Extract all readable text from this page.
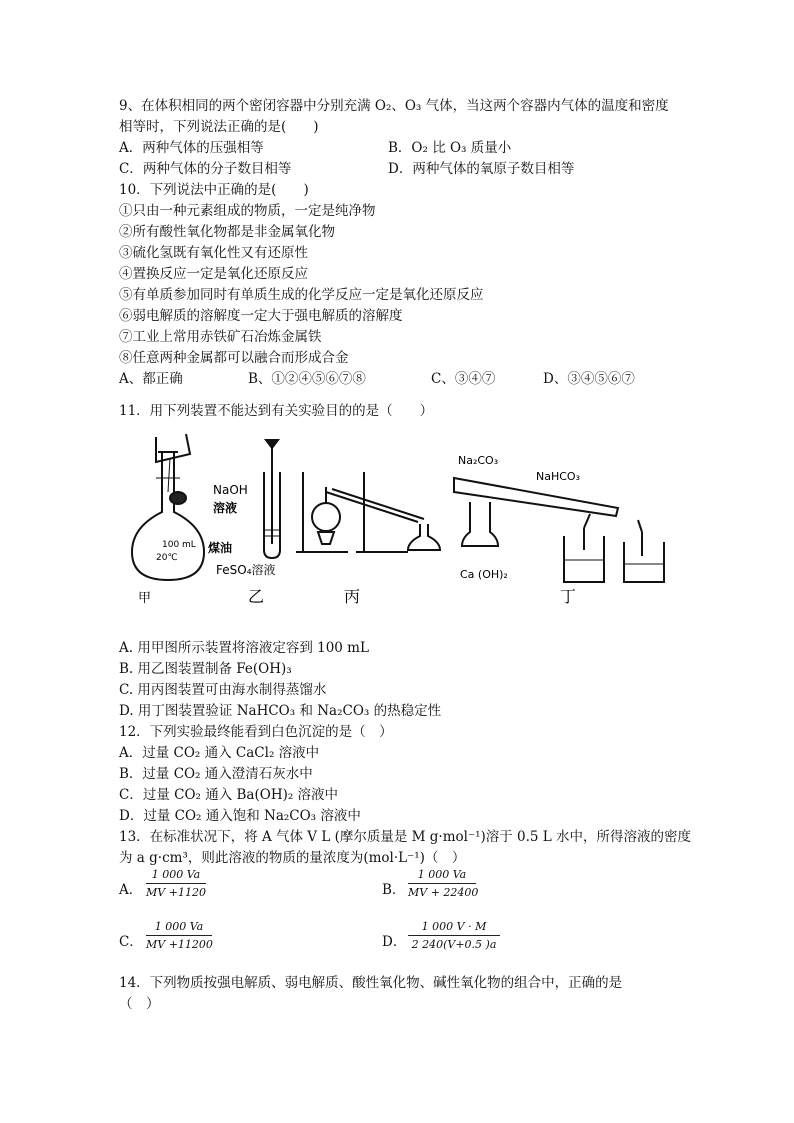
9、在体积相同的两个密闭容器中分别充满 O₂、O₃ 气体，当这两个容器内气体的温度和密度
相等时，下列说法正确的是(　　)
A．两种气体的压强相等	B．O₂ 比 O₃ 质量小
C．两种气体的分子数目相等	D．两种气体的氧原子数目相等
10．下列说法中正确的是(　　)
①只由一种元素组成的物质，一定是纯净物
②所有酸性氧化物都是非金属氧化物
③硫化氢既有氧化性又有还原性
④置换反应一定是氧化还原反应
⑤有单质参加同时有单质生成的化学反应一定是氧化还原反应
⑥弱电解质的溶解度一定大于强电解质的溶解度
⑦工业上常用赤铁矿石冶炼金属铁
⑧任意两种金属都可以融合而形成合金
A、都正确	B、①②④⑤⑥⑦⑧	C、③④⑦	D、③④⑤⑥⑦
11．用下列装置不能达到有关实验目的的是（　　）
100 mL
20℃
NaOH
溶液
煤油
FeSO₄溶液
Na₂CO₃
NaHCO₃
Ca (OH)₂
甲	乙	丙	丁
A. 用甲图所示装置将溶液定容到 100 mL
B. 用乙图装置制备 Fe(OH)₃
C. 用丙图装置可由海水制得蒸馏水
D. 用丁图装置验证 NaHCO₃ 和 Na₂CO₃ 的热稳定性
12．下列实验最终能看到白色沉淀的是（　）
A．过量 CO₂ 通入 CaCl₂ 溶液中
B．过量 CO₂ 通入澄清石灰水中
C．过量 CO₂ 通入 Ba(OH)₂ 溶液中
D．过量 CO₂ 通入饱和 Na₂CO₃ 溶液中
13．在标准状况下，将 A 气体 V L (摩尔质量是 M g·mol⁻¹)溶于 0.5 L 水中，所得溶液的密度
为 a g·cm³，则此溶液的物质的量浓度为(mol·L⁻¹)（　）
A．
1 000 Va
MV +1120	B．
1 000 Va
MV + 22400
C．
1 000 Va
MV +11200	D．
1 000 V · M
2 240(V+0.5 )a
14．下列物质按强电解质、弱电解质、酸性氧化物、碱性氧化物的组合中，正确的是
（　）
